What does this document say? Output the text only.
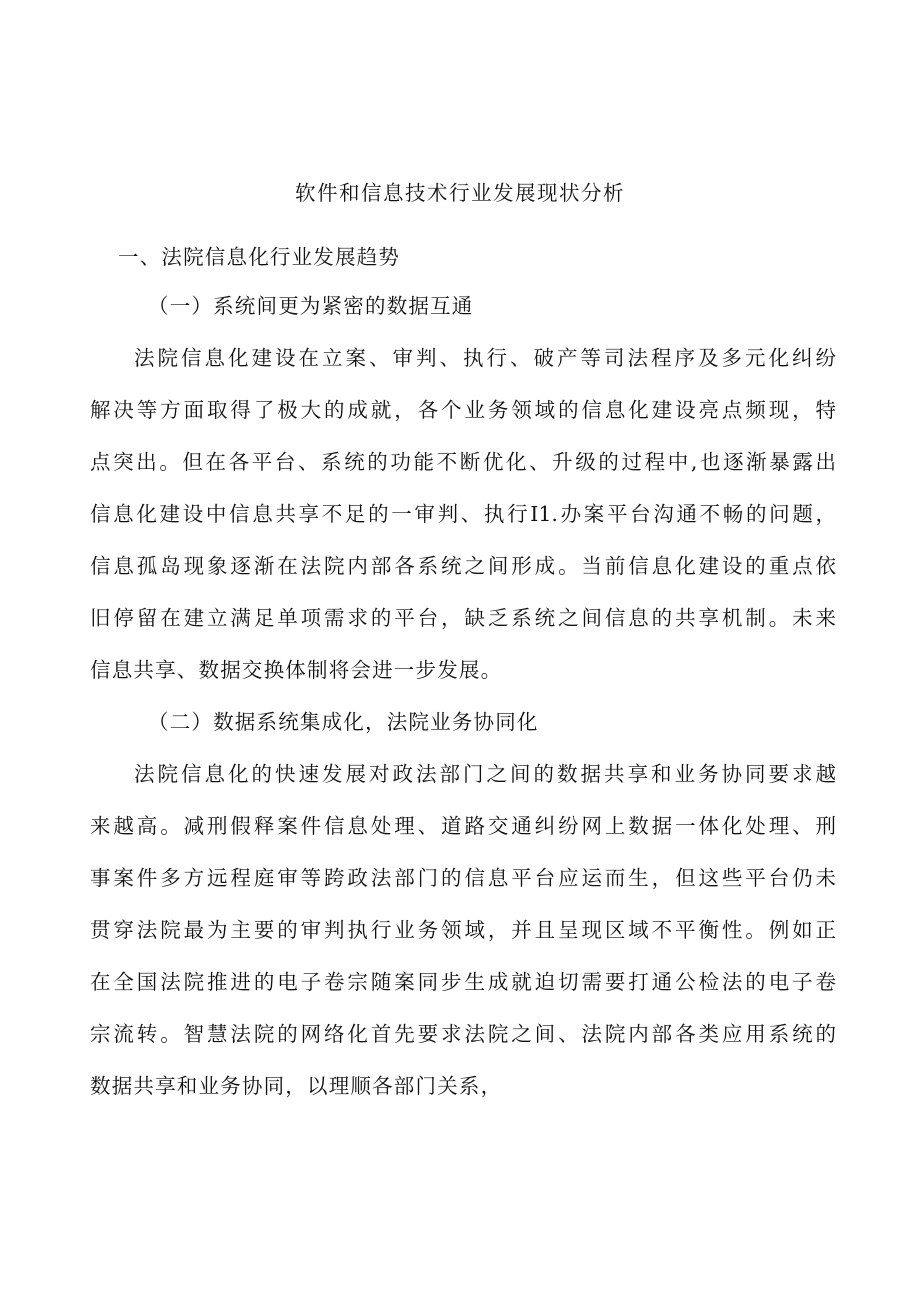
软件和信息技术行业发展现状分析
一、法院信息化行业发展趋势
（一）系统间更为紧密的数据互通
法院信息化建设在立案、审判、执行、破产等司法程序及多元化纠纷
解决等方面取得了极大的成就，各个业务领域的信息化建设亮点频现，特
点突出。但在各平台、系统的功能不断优化、升级的过程中,也逐渐暴露出
信息化建设中信息共享不足的一审判、执行I1.办案平台沟通不畅的问题，
信息孤岛现象逐渐在法院内部各系统之间形成。当前信息化建设的重点依
旧停留在建立满足单项需求的平台，缺乏系统之间信息的共享机制。未来
信息共享、数据交换体制将会进一步发展。
（二）数据系统集成化，法院业务协同化
法院信息化的快速发展对政法部门之间的数据共享和业务协同要求越
来越高。减刑假释案件信息处理、道路交通纠纷网上数据一体化处理、刑
事案件多方远程庭审等跨政法部门的信息平台应运而生，但这些平台仍未
贯穿法院最为主要的审判执行业务领域，并且呈现区域不平衡性。例如正
在全国法院推进的电子卷宗随案同步生成就迫切需要打通公检法的电子卷
宗流转。智慧法院的网络化首先要求法院之间、法院内部各类应用系统的
数据共享和业务协同，以理顺各部门关系，
